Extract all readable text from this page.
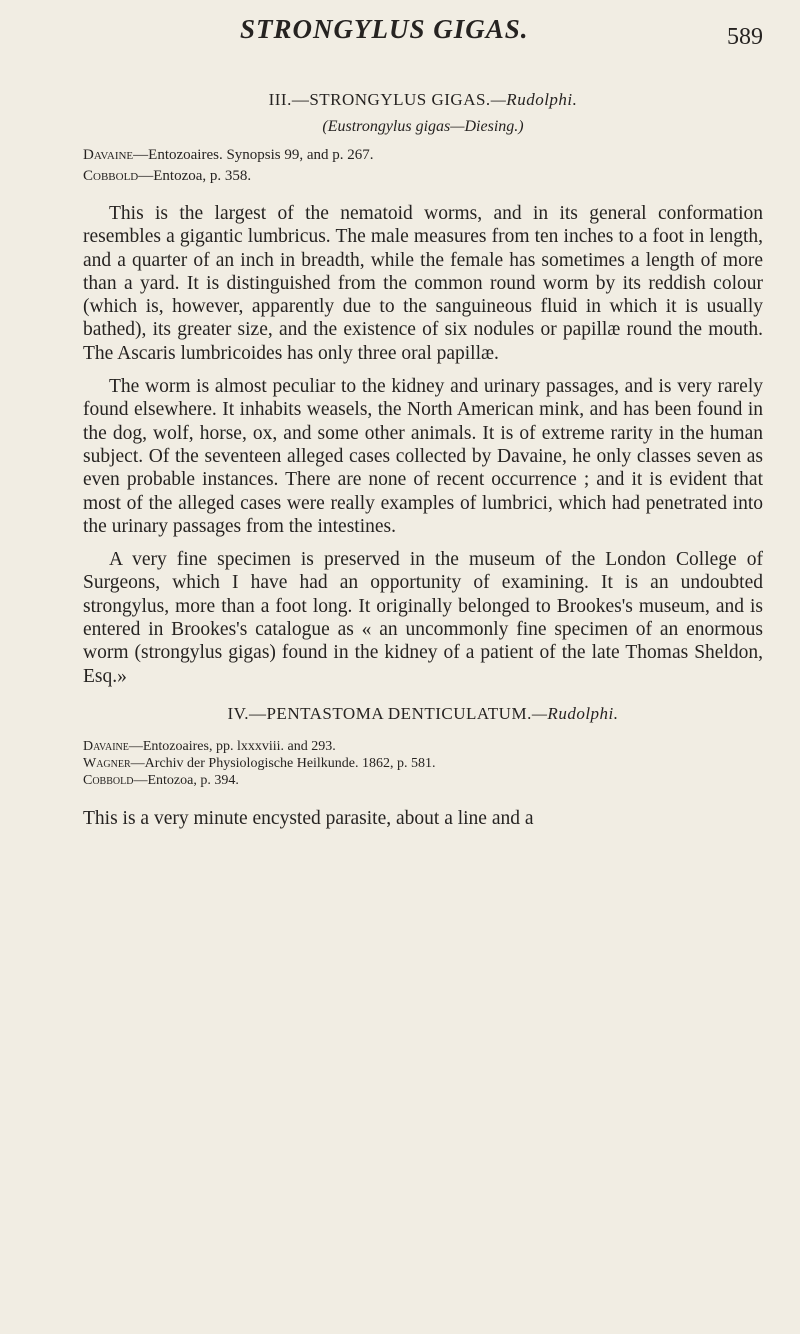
STRONGYLUS GIGAS.	589
III.—STRONGYLUS GIGAS.—Rudolphi.
(Eustrongylus gigas—Diesing.)
Davaine—Entozoaires. Synopsis 99, and p. 267.
Cobbold—Entozoa, p. 358.

This is the largest of the nematoid worms, and in its general conformation resembles a gigantic lumbricus. The male measures from ten inches to a foot in length, and a quarter of an inch in breadth, while the female has sometimes a length of more than a yard. It is distinguished from the common round worm by its reddish colour (which is, however, apparently due to the sanguineous fluid in which it is usually bathed), its greater size, and the existence of six nodules or papillæ round the mouth. The Ascaris lumbricoides has only three oral papillæ.

The worm is almost peculiar to the kidney and urinary passages, and is very rarely found elsewhere. It inhabits weasels, the North American mink, and has been found in the dog, wolf, horse, ox, and some other animals. It is of extreme rarity in the human subject. Of the seventeen alleged cases collected by Davaine, he only classes seven as even probable instances. There are none of recent occurrence ; and it is evident that most of the alleged cases were really examples of lumbrici, which had penetrated into the urinary passages from the intestines.

A very fine specimen is preserved in the museum of the London College of Surgeons, which I have had an opportunity of examining. It is an undoubted strongylus, more than a foot long. It originally belonged to Brookes's museum, and is entered in Brookes's catalogue as « an uncommonly fine specimen of an enormous worm (strongylus gigas) found in the kidney of a patient of the late Thomas Sheldon, Esq.»

IV.—PENTASTOMA DENTICULATUM.—Rudolphi.
Davaine—Entozoaires, pp. lxxxviii. and 293.
Wagner—Archiv der Physiologische Heilkunde. 1862, p. 581.
Cobbold—Entozoa, p. 394.

This is a very minute encysted parasite, about a line and a
